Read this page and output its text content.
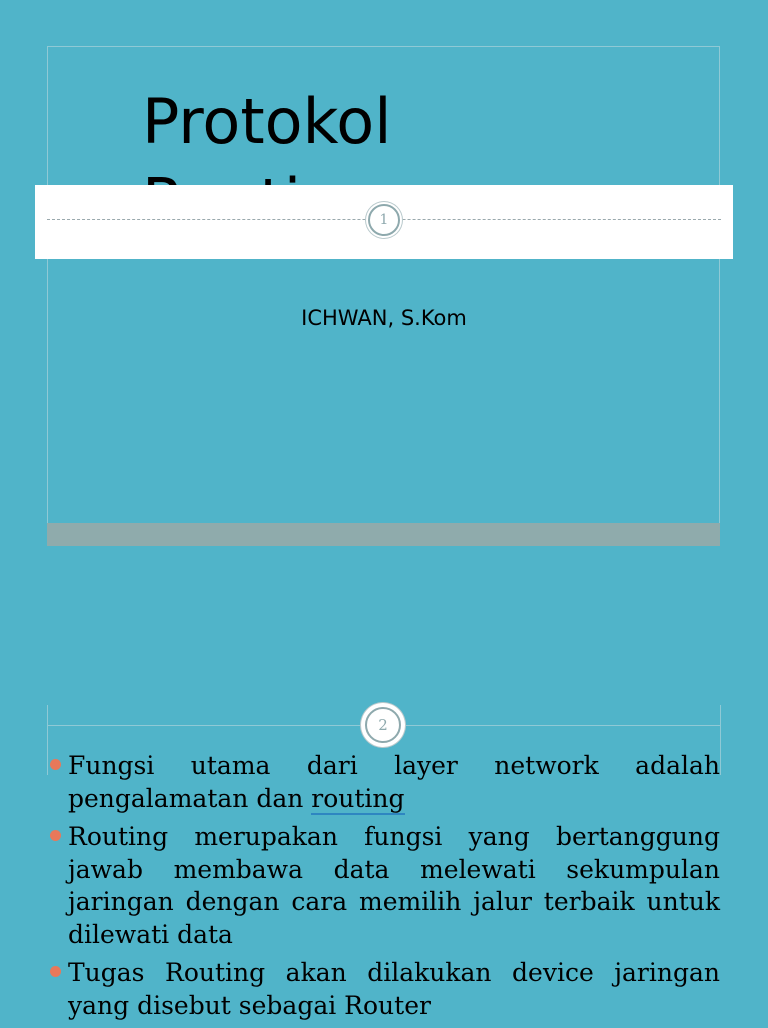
Protokol

1
ICHWAN, S.Kom
2
Fungsi utama dari layer network adalah pengalamatan dan routing
Routing merupakan fungsi yang bertanggung jawab membawa data melewati sekumpulan jaringan dengan cara memilih jalur terbaik untuk dilewati data
Tugas Routing akan dilakukan device jaringan yang disebut sebagai Router
